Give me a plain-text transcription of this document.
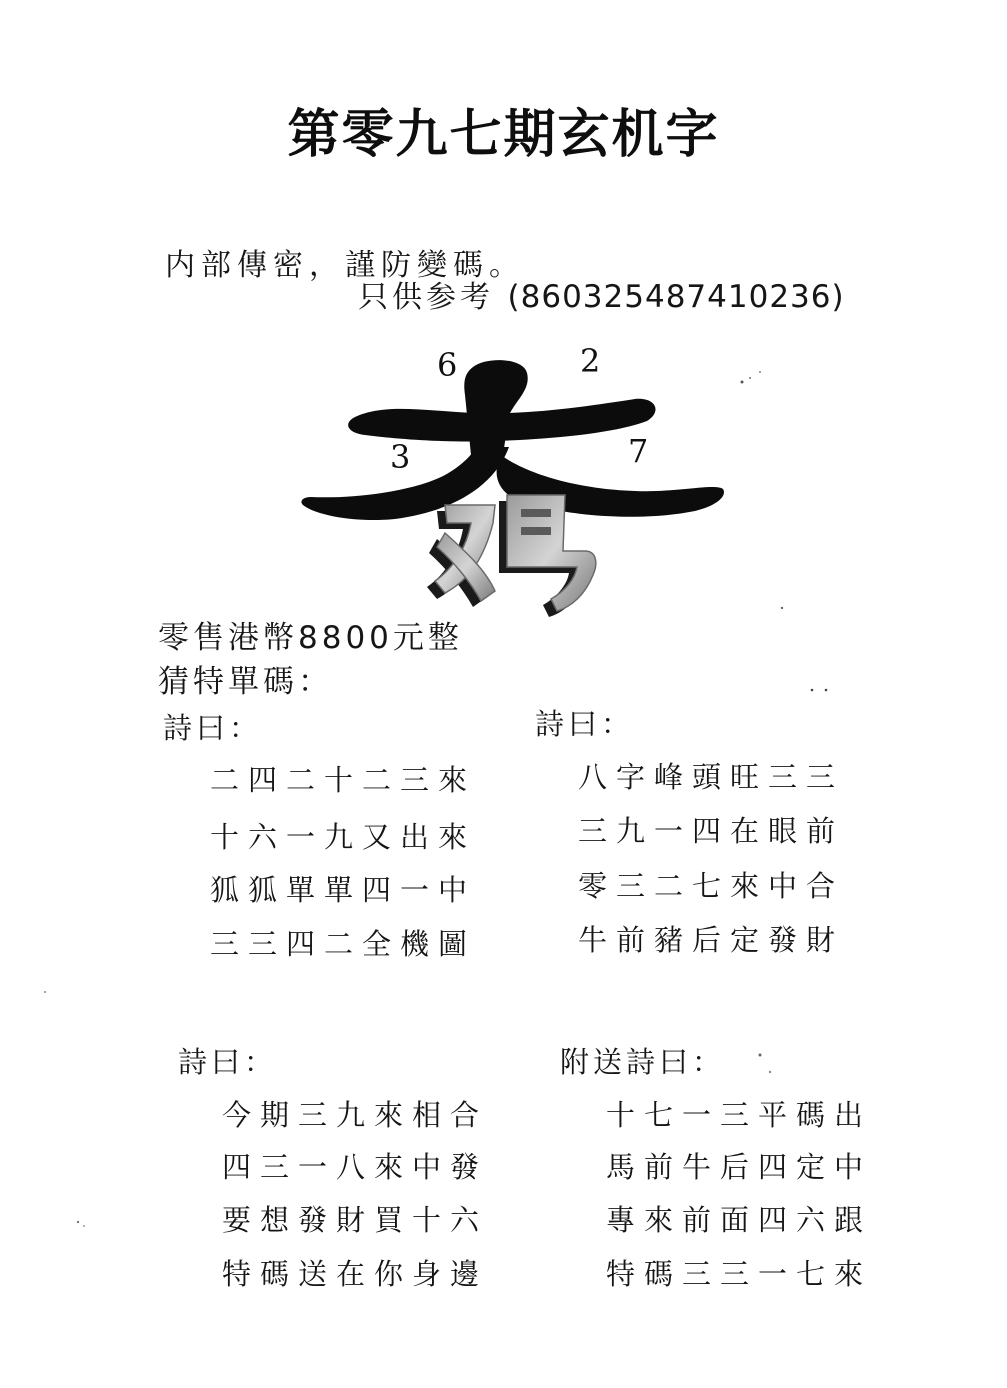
第零九七期玄机字
内部傳密，謹防變碼。
只供参考 (860325487410236)
6	2
3	7
零售港幣8800元整
猜特單碼：
詩曰：
二四二十二三來
十六一九又出來
狐狐單單四一中
三三四二全機圖
詩曰：
八字峰頭旺三三
三九一四在眼前
零三二七來中合
牛前豬后定發財
詩曰：
今期三九來相合
四三一八來中發
要想發財買十六
特碼送在你身邊
附送詩曰：
十七一三平碼出
馬前牛后四定中
專來前面四六跟
特碼三三一七來
